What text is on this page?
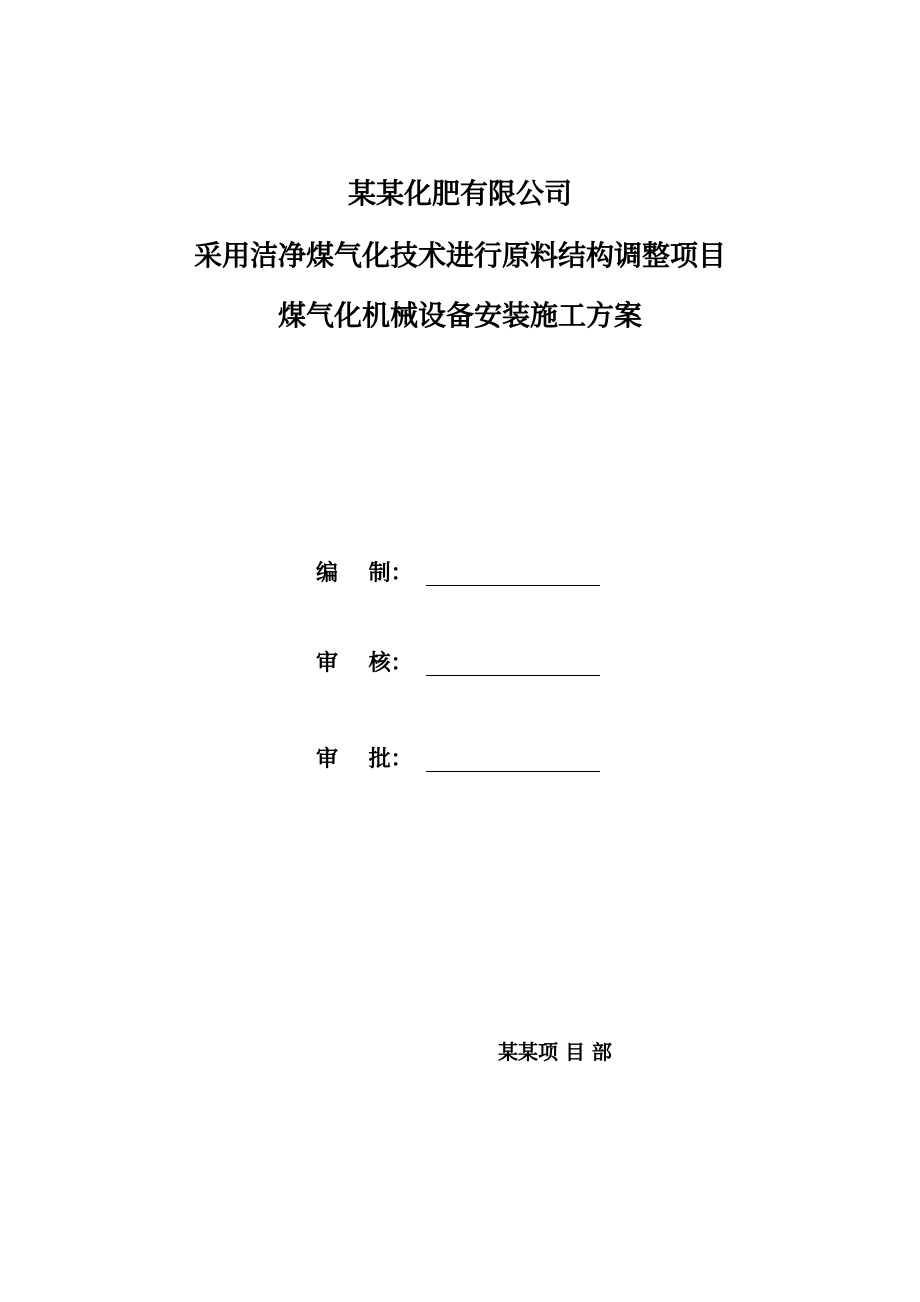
某某化肥有限公司
采用洁净煤气化技术进行原料结构调整项目
煤气化机械设备安装施工方案
编    制：
审    核：
审    批：
某某项 目 部
